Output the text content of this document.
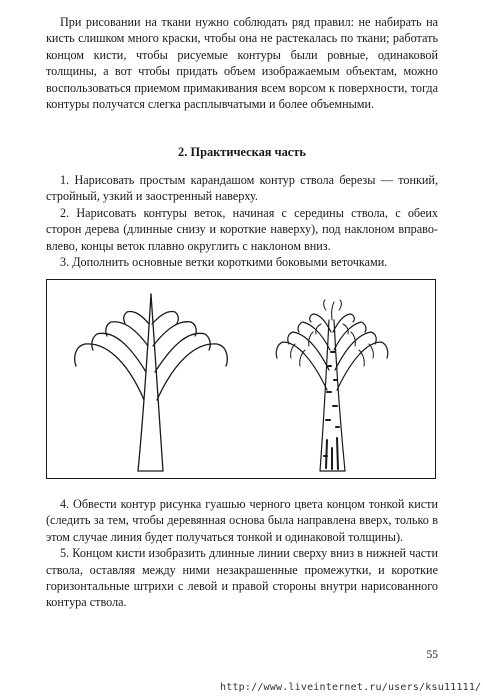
При рисовании на ткани нужно соблюдать ряд правил: не набирать на кисть слишком много краски, чтобы она не растекалась по ткани; работать концом кисти, чтобы рисуемые контуры были ровные, одинаковой толщины, а вот чтобы придать объем изображаемым объектам, можно воспользоваться приемом примакивания всем ворсом к поверхности, тогда контуры получатся слегка расплывчатыми и более объемными.

2. Практическая часть

1. Нарисовать простым карандашом контур ствола березы — тонкий, стройный, узкий и заостренный наверху.

2. Нарисовать контуры веток, начиная с середины ствола, с обеих сторон дерева (длинные снизу и короткие наверху), под наклоном вправо-влево, концы веток плавно округлить с наклоном вниз.

3. Дополнить основные ветки короткими боковыми веточками.

4. Обвести контур рисунка гуашью черного цвета концом тонкой кисти (следить за тем, чтобы деревянная основа была направлена вверх, только в этом случае линия будет получаться тонкой и одинаковой толщины).

5. Концом кисти изобразить длинные линии сверху вниз в нижней части ствола, оставляя между ними незакрашенные промежутки, и короткие горизонтальные штрихи с левой и правой стороны внутри нарисованного контура ствола.

55

http://www.liveinternet.ru/users/ksu11111/
